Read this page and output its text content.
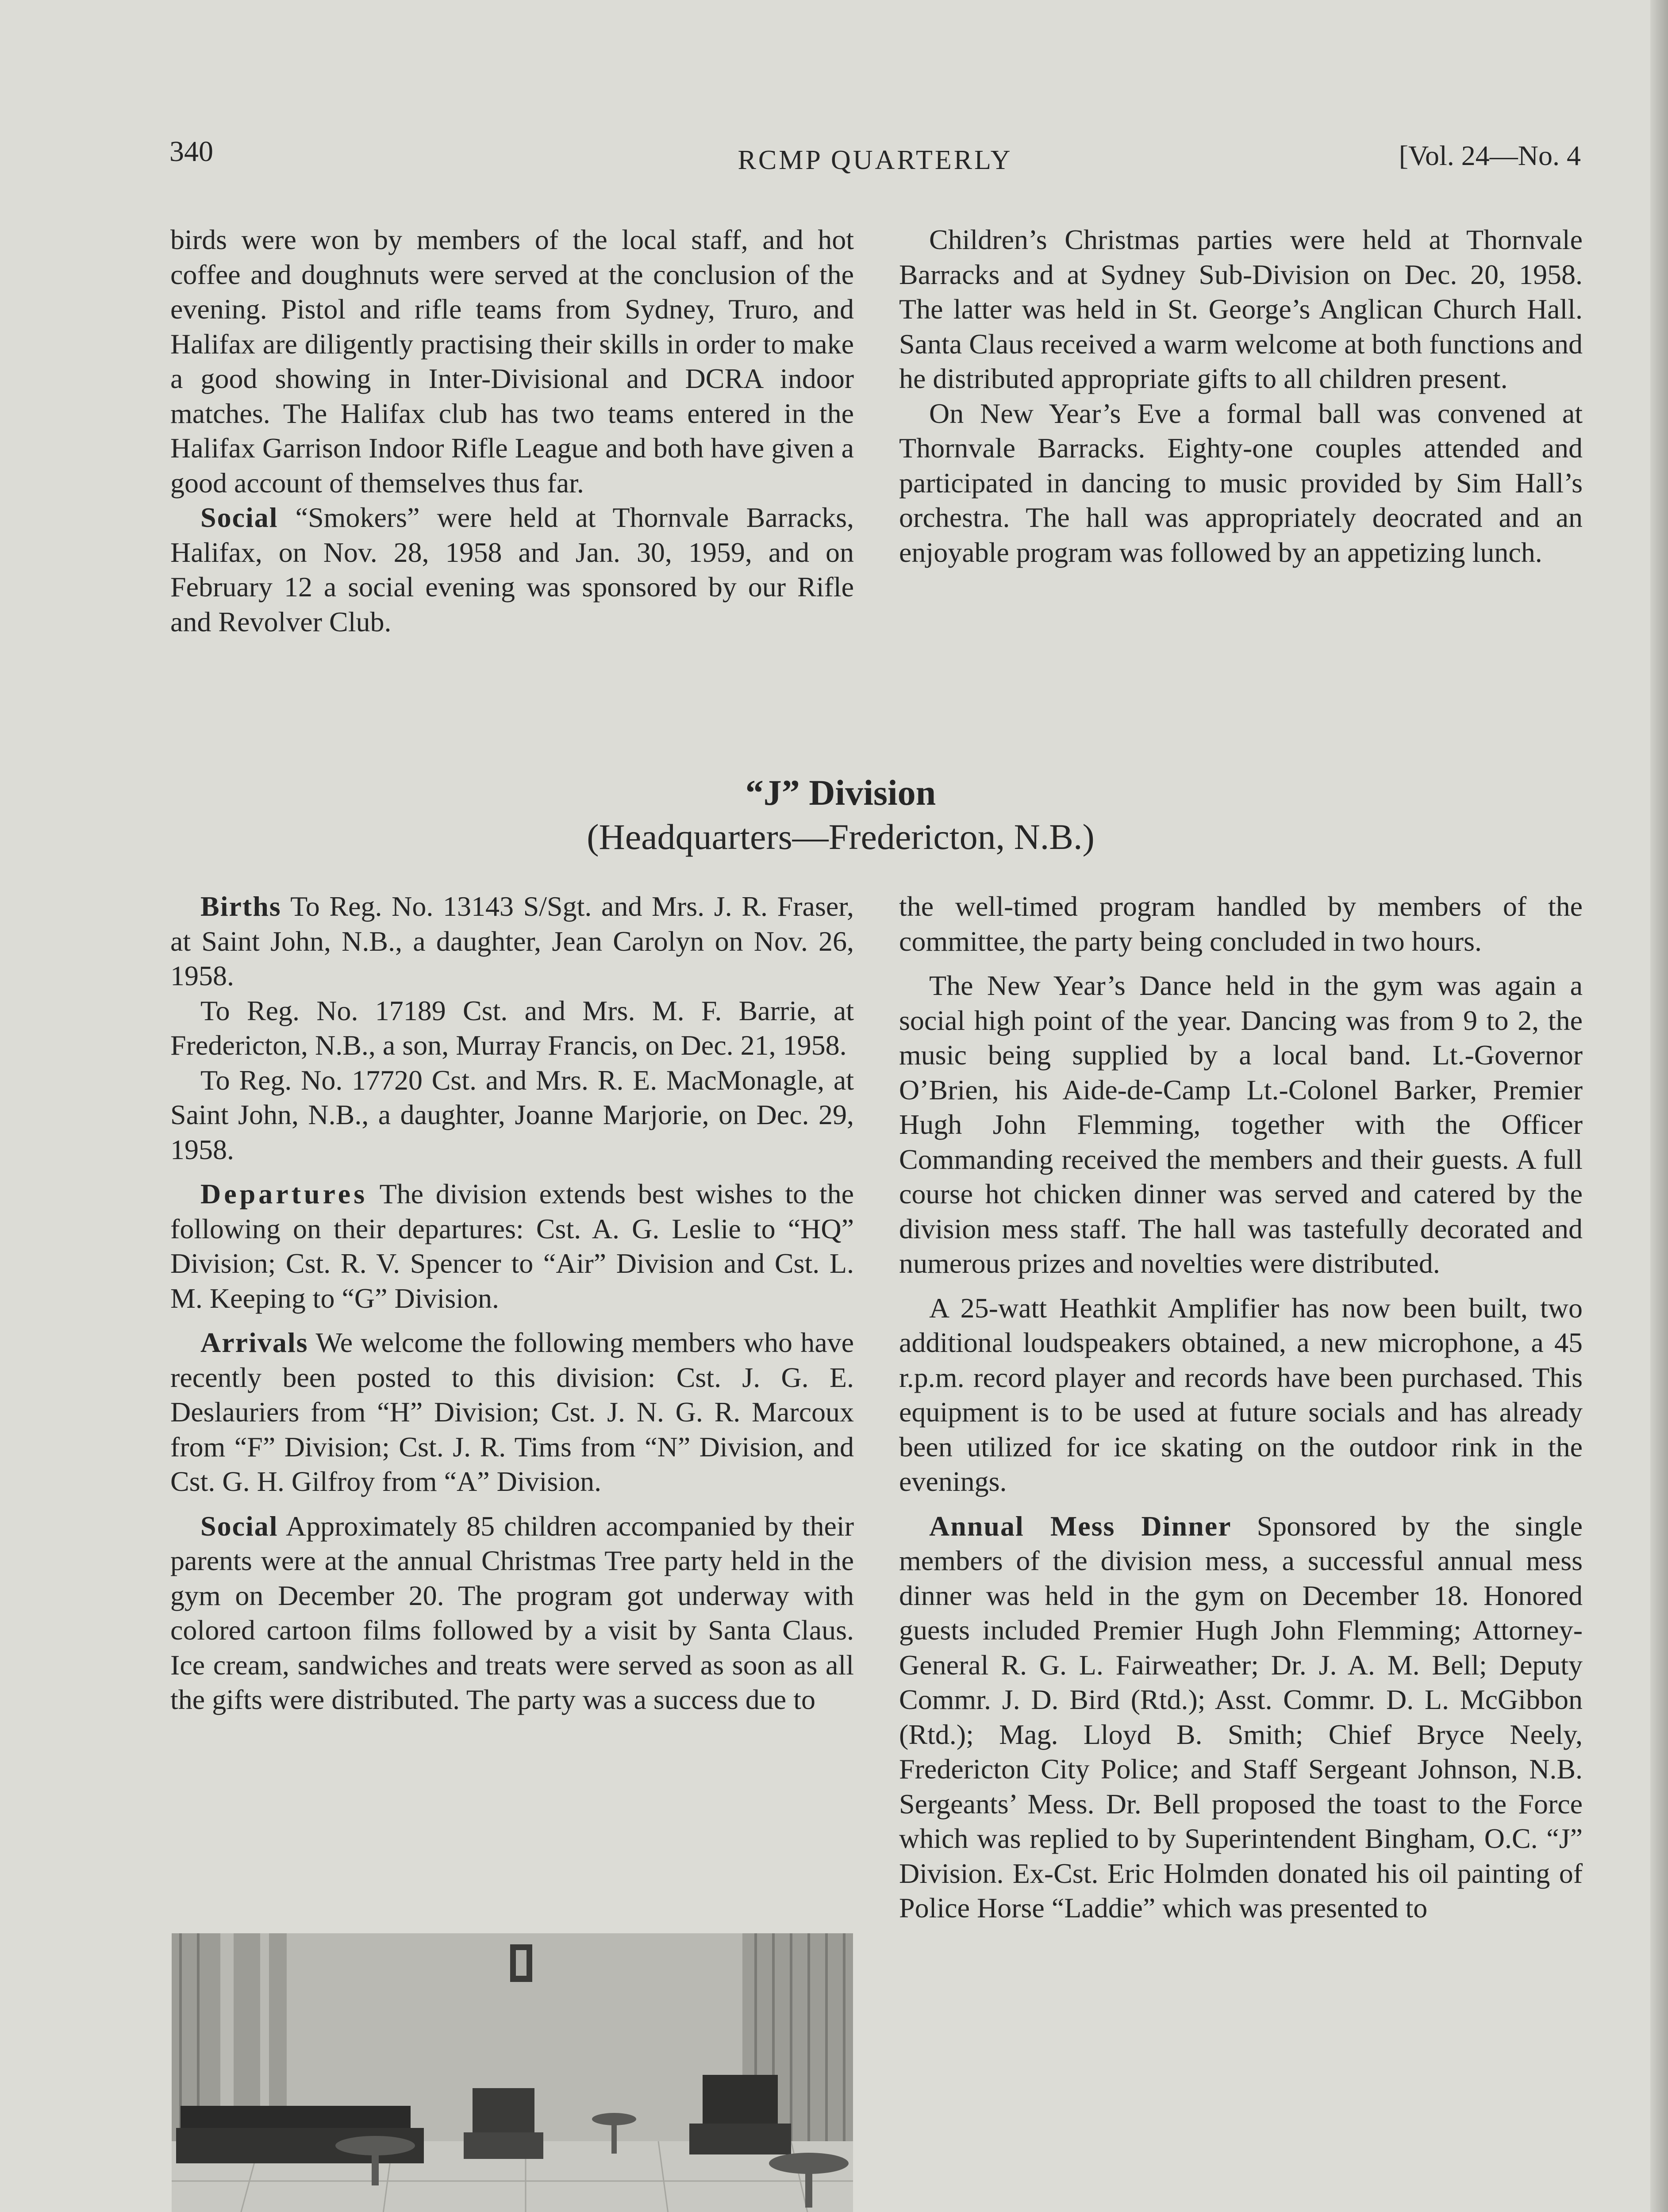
340	RCMP QUARTERLY	[Vol. 24—No. 4

birds were won by members of the local staff, and hot coffee and doughnuts were served at the conclusion of the evening. Pistol and rifle teams from Sydney, Truro, and Halifax are diligently practising their skills in order to make a good showing in Inter-Divisional and DCRA indoor matches. The Halifax club has two teams entered in the Halifax Garrison Indoor Rifle League and both have given a good account of themselves thus far.

Social “Smokers” were held at Thornvale Barracks, Halifax, on Nov. 28, 1958 and Jan. 30, 1959, and on February 12 a social evening was sponsored by our Rifle and Revolver Club.

Children’s Christmas parties were held at Thornvale Barracks and at Sydney Sub-Division on Dec. 20, 1958. The latter was held in St. George’s Anglican Church Hall. Santa Claus received a warm welcome at both functions and he distributed appropriate gifts to all children present.

On New Year’s Eve a formal ball was convened at Thornvale Barracks. Eighty-one couples attended and participated in dancing to music provided by Sim Hall’s orchestra. The hall was appropriately deocrated and an enjoyable program was followed by an appetizing lunch.

“J” Division
(Headquarters—Fredericton, N.B.)

Births To Reg. No. 13143 S/Sgt. and Mrs. J. R. Fraser, at Saint John, N.B., a daughter, Jean Carolyn on Nov. 26, 1958.

To Reg. No. 17189 Cst. and Mrs. M. F. Barrie, at Fredericton, N.B., a son, Murray Francis, on Dec. 21, 1958.

To Reg. No. 17720 Cst. and Mrs. R. E. MacMonagle, at Saint John, N.B., a daughter, Joanne Marjorie, on Dec. 29, 1958.

Departures The division extends best wishes to the following on their departures: Cst. A. G. Leslie to “HQ” Division; Cst. R. V. Spencer to “Air” Division and Cst. L. M. Keeping to “G” Division.

Arrivals We welcome the following members who have recently been posted to this division: Cst. J. G. E. Deslauriers from “H” Division; Cst. J. N. G. R. Marcoux from “F” Division; Cst. J. R. Tims from “N” Division, and Cst. G. H. Gilfroy from “A” Division.

Social Approximately 85 children accompanied by their parents were at the annual Christmas Tree party held in the gym on December 20. The program got underway with colored cartoon films followed by a visit by Santa Claus. Ice cream, sandwiches and treats were served as soon as all the gifts were distributed. The party was a success due to

the well-timed program handled by members of the committee, the party being concluded in two hours.

The New Year’s Dance held in the gym was again a social high point of the year. Dancing was from 9 to 2, the music being supplied by a local band. Lt.-Governor O’Brien, his Aide-de-Camp Lt.-Colonel Barker, Premier Hugh John Flemming, together with the Officer Commanding received the members and their guests. A full course hot chicken dinner was served and catered by the division mess staff. The hall was tastefully decorated and numerous prizes and novelties were distributed.

A 25-watt Heathkit Amplifier has now been built, two additional loudspeakers obtained, a new microphone, a 45 r.p.m. record player and records have been purchased. This equipment is to be used at future socials and has already been utilized for ice skating on the outdoor rink in the evenings.

Annual Mess Dinner Sponsored by the single members of the division mess, a successful annual mess dinner was held in the gym on December 18. Honored guests included Premier Hugh John Flemming; Attorney-General R. G. L. Fairweather; Dr. J. A. M. Bell; Deputy Commr. J. D. Bird (Rtd.); Asst. Commr. D. L. McGibbon (Rtd.); Mag. Lloyd B. Smith; Chief Bryce Neely, Fredericton City Police; and Staff Sergeant Johnson, N.B. Sergeants’ Mess. Dr. Bell proposed the toast to the Force which was replied to by Superintendent Bingham, O.C. “J” Division. Ex-Cst. Eric Holmden donated his oil painting of Police Horse “Laddie” which was presented to
